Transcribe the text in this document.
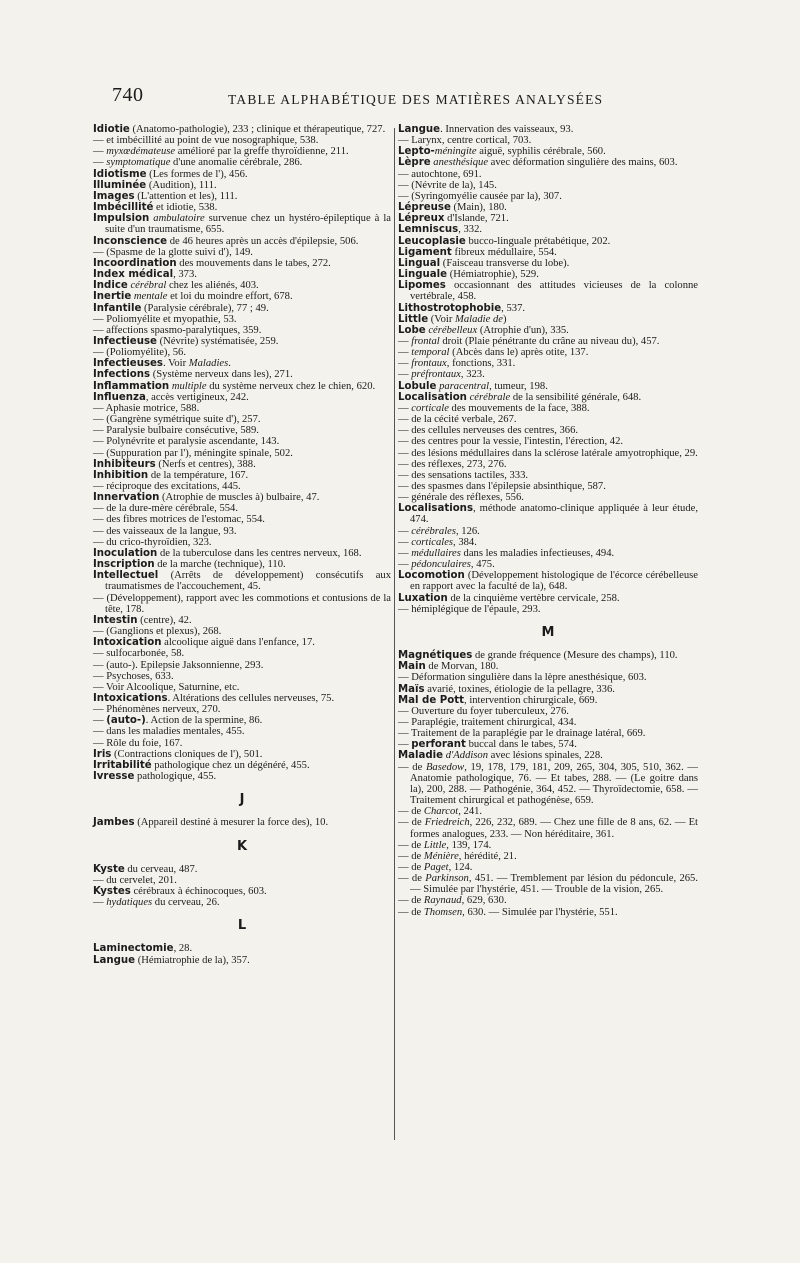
740	TABLE ALPHABÉTIQUE DES MATIÈRES ANALYSÉES

Idiotie (Anatomo-pathologie), 233 ; clinique et thérapeutique, 727.

— et imbécillité au point de vue nosographique, 538.

— myxœdémateuse amélioré par la greffe thyroïdienne, 211.

— symptomatique d'une anomalie cérébrale, 286.

Idiotisme (Les formes de l'), 456.

Illuminée (Audition), 111.

Images (L'attention et les), 111.

Imbécillité et idiotie, 538.

Impulsion ambulatoire survenue chez un hystéro-épileptique à la suite d'un traumatisme, 655.

Inconscience de 46 heures après un accès d'épilepsie, 506.

— (Spasme de la glotte suivi d'), 149.

Incoordination des mouvements dans le tabes, 272.

Index médical, 373.

Indice cérébral chez les aliénés, 403.

Inertie mentale et loi du moindre effort, 678.

Infantile (Paralysie cérébrale), 77 ; 49.

— Poliomyélite et myopathie, 53.

— affections spasmo-paralytiques, 359.

Infectieuse (Névrite) systématisée, 259.

— (Poliomyélite), 56.

Infectieuses. Voir Maladies.

Infections (Système nerveux dans les), 271.

Inflammation multiple du système nerveux chez le chien, 620.

Influenza, accès vertigineux, 242.

— Aphasie motrice, 588.

— (Gangrène symétrique suite d'), 257.

— Paralysie bulbaire consécutive, 589.

— Polynévrite et paralysie ascendante, 143.

— (Suppuration par l'), méningite spinale, 502.

Inhibiteurs (Nerfs et centres), 388.

Inhibition de la température, 167.

— réciproque des excitations, 445.

Innervation (Atrophie de muscles à) bulbaire, 47.

— de la dure-mère cérébrale, 554.

— des fibres motrices de l'estomac, 554.

— des vaisseaux de la langue, 93.

— du crico-thyroïdien, 323.

Inoculation de la tuberculose dans les centres nerveux, 168.

Inscription de la marche (technique), 110.

Intellectuel (Arrêts de développement) consécutifs aux traumatismes de l'accouchement, 45.

— (Développement), rapport avec les commotions et contusions de la tête, 178.

Intestin (centre), 42.

— (Ganglions et plexus), 268.

Intoxication alcoolique aiguë dans l'enfance, 17.

— sulfocarbonée, 58.

— (auto-). Epilepsie Jaksonnienne, 293.

— Psychoses, 633.

— Voir Alcoolique, Saturnine, etc.

Intoxications. Altérations des cellules nerveuses, 75.

— Phénomènes nerveux, 270.

— (auto-). Action de la spermine, 86.

— dans les maladies mentales, 455.

— Rôle du foie, 167.

Iris (Contractions cloniques de l'), 501.

Irritabilité pathologique chez un dégénéré, 455.

Ivresse pathologique, 455.

J

Jambes (Appareil destiné à mesurer la force des), 10.

K

Kyste du cerveau, 487.

— du cervelet, 201.

Kystes cérébraux à échinocoques, 603.

— hydatiques du cerveau, 26.

L

Laminectomie, 28.

Langue (Hémiatrophie de la), 357.

Langue. Innervation des vaisseaux, 93.

— Larynx, centre cortical, 703.

Lepto-méningite aiguë, syphilis cérébrale, 560.

Lèpre anesthésique avec déformation singulière des mains, 603.

— autochtone, 691.

— (Névrite de la), 145.

— (Syringomyélie causée par la), 307.

Lépreuse (Main), 180.

Lépreux d'Islande, 721.

Lemniscus, 332.

Leucoplasie bucco-linguale prétabétique, 202.

Ligament fibreux médullaire, 554.

Lingual (Faisceau transverse du lobe).

Linguale (Hémiatrophie), 529.

Lipomes occasionnant des attitudes vicieuses de la colonne vertébrale, 458.

Lithostrotophobie, 537.

Little (Voir Maladie de)

Lobe cérébelleux (Atrophie d'un), 335.

— frontal droit (Plaie pénétrante du crâne au niveau du), 457.

— temporal (Abcès dans le) après otite, 137.

— frontaux, fonctions, 331.

— préfrontaux, 323.

Lobule paracentral, tumeur, 198.

Localisation cérébrale de la sensibilité générale, 648.

— corticale des mouvements de la face, 388.

— de la cécité verbale, 267.

— des cellules nerveuses des centres, 366.

— des centres pour la vessie, l'intestin, l'érection, 42.

— des lésions médullaires dans la sclérose latérale amyotrophique, 29.

— des réflexes, 273, 276.

— des sensations tactiles, 333.

— des spasmes dans l'épilepsie absinthique, 587.

— générale des réflexes, 556.

Localisations, méthode anatomo-clinique appliquée à leur étude, 474.

— cérébrales, 126.

— corticales, 384.

— médullaires dans les maladies infectieuses, 494.

— pédonculaires, 475.

Locomotion (Développement histologique de l'écorce cérébelleuse en rapport avec la faculté de la), 648.

Luxation de la cinquième vertèbre cervicale, 258.

— hémiplégique de l'épaule, 293.

M

Magnétiques de grande fréquence (Mesure des champs), 110.

Main de Morvan, 180.

— Déformation singulière dans la lèpre anesthésique, 603.

Maïs avarié, toxines, étiologie de la pellagre, 336.

Mal de Pott, intervention chirurgicale, 669.

— Ouverture du foyer tuberculeux, 276.

— Paraplégie, traitement chirurgical, 434.

— Traitement de la paraplégie par le drainage latéral, 669.

— perforant buccal dans le tabes, 574.

Maladie d'Addison avec lésions spinales, 228.

— de Basedow, 19, 178, 179, 181, 209, 265, 304, 305, 510, 362. — Anatomie pathologique, 76. — Et tabes, 288. — (Le goitre dans la), 200, 288. — Pathogénie, 364, 452. — Thyroïdectomie, 658. — Traitement chirurgical et pathogénèse, 659.

— de Charcot, 241.

— de Friedreich, 226, 232, 689. — Chez une fille de 8 ans, 62. — Et formes analogues, 233. — Non héréditaire, 361.

— de Little, 139, 174.

— de Ménière, hérédité, 21.

— de Paget, 124.

— de Parkinson, 451. — Tremblement par lésion du pédoncule, 265. — Simulée par l'hystérie, 451. — Trouble de la vision, 265.

— de Raynaud, 629, 630.

— de Thomsen, 630. — Simulée par l'hystérie, 551.
